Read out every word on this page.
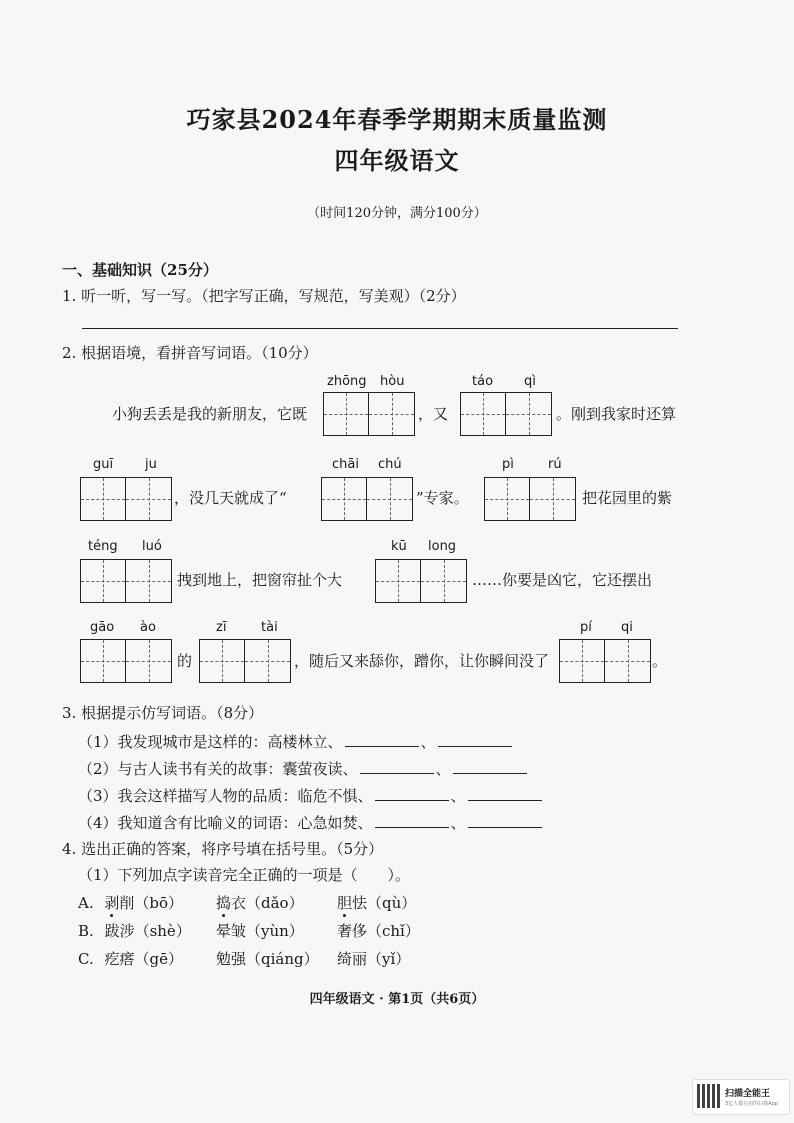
巧家县2024年春季学期期末质量监测
四年级语文
（时间120分钟，满分100分）
一、基础知识（25分）
1. 听一听，写一写。（把字写正确，写规范，写美观）（2分）
2. 根据语境，看拼音写词语。（10分）
zhōng hòu	táo qì
小狗丢丢是我的新朋友，它既	，又	。刚到我家时还算
guī ju	chāi chú	pì	rú
，没几天就成了“	”专家。	把花园里的紫
téng luó	kū long
拽到地上，把窗帘扯个大	……你要是凶它，它还摆出
gāo ào	zī	tài	pí qi
的	，随后又来舔你，蹭你，让你瞬间没了	。
3. 根据提示仿写词语。（8分）
（1）我发现城市是这样的：高楼林立、	、
（2）与古人读书有关的故事：囊萤夜读、	、
（3）我会这样描写人物的品质：临危不惧、	、
（4）我知道含有比喻义的词语：心急如焚、	、
4. 选出正确的答案，将序号填在括号里。（5分）
（1）下列加点字读音完全正确的一项是（　　）。
A. 剥削（bō） 捣衣（dǎo） 胆怯（qù）
B. 跋涉（shè） 晕皱（yùn） 奢侈（chǐ）
C. 疙瘩（gē） 勉强（qiáng） 绮丽（yǐ）
四年级语文 · 第1页（共6页）
扫描全能王
3亿人都在用的扫描App
